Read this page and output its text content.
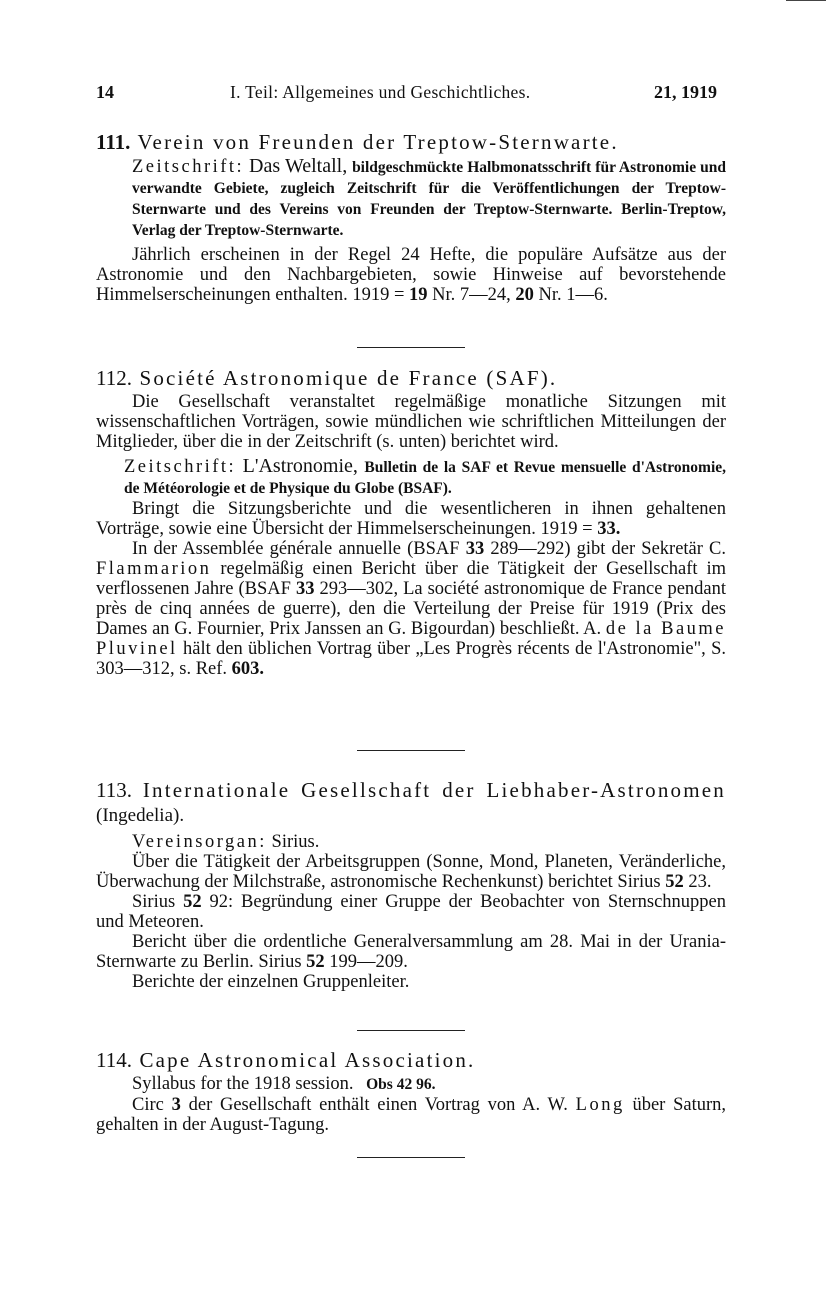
14	I. Teil: Allgemeines und Geschichtliches.	21, 1919

111. Verein von Freunden der Treptow-Sternwarte.

Zeitschrift: Das Weltall, bildgeschmückte Halbmonatsschrift für Astronomie und verwandte Gebiete, zugleich Zeitschrift für die Veröffentlichungen der Treptow-Sternwarte und des Vereins von Freunden der Treptow-Sternwarte. Berlin-Treptow, Verlag der Treptow-Sternwarte.

Jährlich erscheinen in der Regel 24 Hefte, die populäre Aufsätze aus der Astronomie und den Nachbargebieten, sowie Hinweise auf bevorstehende Himmelserscheinungen enthalten. 1919 = 19 Nr. 7—24, 20 Nr. 1—6.

112. Société Astronomique de France (SAF).

Die Gesellschaft veranstaltet regelmäßige monatliche Sitzungen mit wissenschaftlichen Vorträgen, sowie mündlichen wie schriftlichen Mitteilungen der Mitglieder, über die in der Zeitschrift (s. unten) berichtet wird.

Zeitschrift: L'Astronomie, Bulletin de la SAF et Revue mensuelle d'Astronomie, de Météorologie et de Physique du Globe (BSAF).

Bringt die Sitzungsberichte und die wesentlicheren in ihnen gehaltenen Vorträge, sowie eine Übersicht der Himmelserscheinungen. 1919 = 33.

In der Assemblée générale annuelle (BSAF 33 289—292) gibt der Sekretär C. Flammarion regelmäßig einen Bericht über die Tätigkeit der Gesellschaft im verflossenen Jahre (BSAF 33 293—302, La société astronomique de France pendant près de cinq années de guerre), den die Verteilung der Preise für 1919 (Prix des Dames an G. Fournier, Prix Janssen an G. Bigourdan) beschließt. A. de la Baume Pluvinel hält den üblichen Vortrag über „Les Progrès récents de l'Astronomie", S. 303—312, s. Ref. 603.

113. Internationale Gesellschaft der Liebhaber-Astronomen (Ingedelia).

Vereinsorgan: Sirius.

Über die Tätigkeit der Arbeitsgruppen (Sonne, Mond, Planeten, Veränderliche, Überwachung der Milchstraße, astronomische Rechenkunst) berichtet Sirius 52 23.

Sirius 52 92: Begründung einer Gruppe der Beobachter von Sternschnuppen und Meteoren.

Bericht über die ordentliche Generalversammlung am 28. Mai in der Urania-Sternwarte zu Berlin. Sirius 52 199—209.

Berichte der einzelnen Gruppenleiter.

114. Cape Astronomical Association.

Syllabus for the 1918 session. Obs 42 96.

Circ 3 der Gesellschaft enthält einen Vortrag von A. W. Long über Saturn, gehalten in der August-Tagung.
